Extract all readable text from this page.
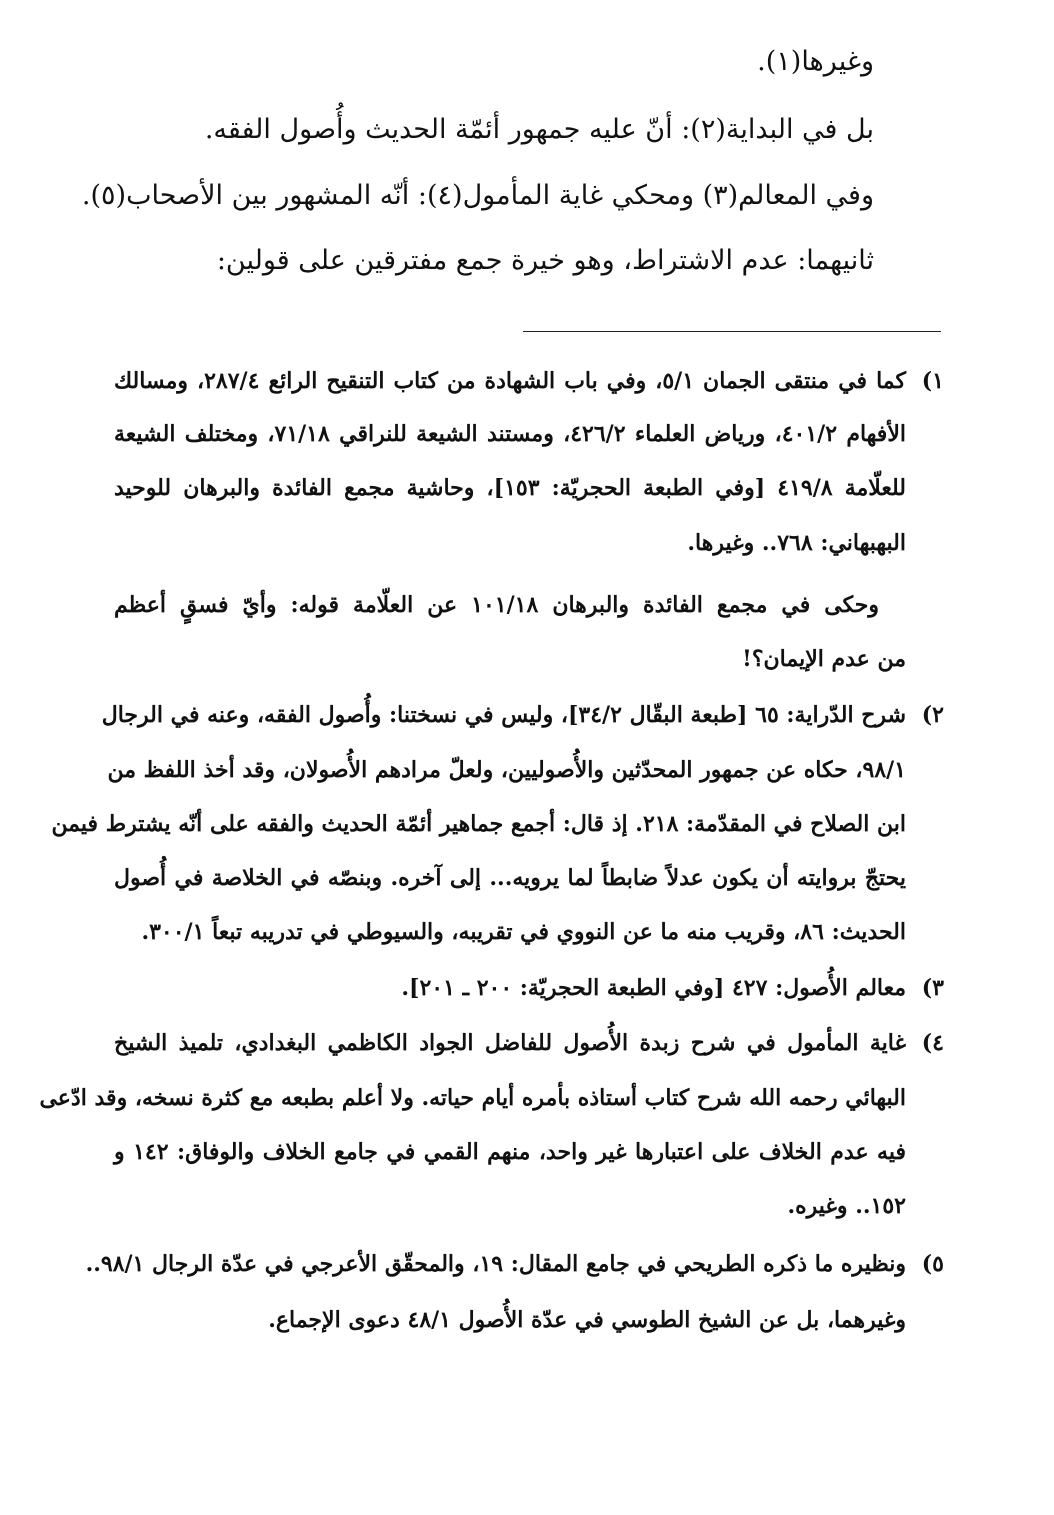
وغيرها(١).
بل في البداية(٢): أنّ عليه جمهور أئمّة الحديث وأُصول الفقه.
وفي المعالم(٣) ومحكي غاية المأمول(٤): أنّه المشهور بين الأصحاب(٥).
ثانيهما: عدم الاشتراط، وهو خيرة جمع مفترقين على قولين:
١)
كما في منتقى الجمان ٥/١، وفي باب الشهادة من كتاب التنقيح الرائع ٢٨٧/٤، ومسالك
الأفهام ٤٠١/٢، ورياض العلماء ٤٢٦/٢، ومستند الشيعة للنراقي ٧١/١٨، ومختلف الشيعة
للعلّامة ٤١٩/٨ [وفي الطبعة الحجريّة: ١٥٣]، وحاشية مجمع الفائدة والبرهان للوحيد
البهبهاني: ٧٦٨.. وغيرها.
وحكى في مجمع الفائدة والبرهان ١٠١/١٨ عن العلّامة قوله: وأيّ فسقٍ أعظم
من عدم الإيمان؟!
٢)
شرح الدّراية: ٦٥ [طبعة البقّال ٣٤/٢]، وليس في نسختنا: وأُصول الفقه، وعنه في الرجال
٩٨/١، حكاه عن جمهور المحدّثين والأُصوليين، ولعلّ مرادهم الأُصولان، وقد أخذ اللفظ من
ابن الصلاح في المقدّمة: ٢١٨. إذ قال: أجمع جماهير أئمّة الحديث والفقه على أنّه يشترط فيمن
يحتجّ بروايته أن يكون عدلاً ضابطاً لما يرويه... إلى آخره. وبنصّه في الخلاصة في أُصول
الحديث: ٨٦، وقريب منه ما عن النووي في تقريبه، والسيوطي في تدريبه تبعاً ٣٠٠/١.
٣)
معالم الأُصول: ٤٢٧ [وفي الطبعة الحجريّة: ٢٠٠ ـ ٢٠١].
٤)
غاية المأمول في شرح زبدة الأُصول للفاضل الجواد الكاظمي البغدادي، تلميذ الشيخ
البهائي رحمه الله شرح كتاب أستاذه بأمره أيام حياته. ولا أعلم بطبعه مع كثرة نسخه، وقد ادّعى
فيه عدم الخلاف على اعتبارها غير واحد، منهم القمي في جامع الخلاف والوفاق: ١٤٢ و
١٥٢.. وغيره.
٥)
ونظيره ما ذكره الطريحي في جامع المقال: ١٩، والمحقّق الأعرجي في عدّة الرجال ٩٨/١..
وغيرهما، بل عن الشيخ الطوسي في عدّة الأُصول ٤٨/١ دعوى الإجماع.
